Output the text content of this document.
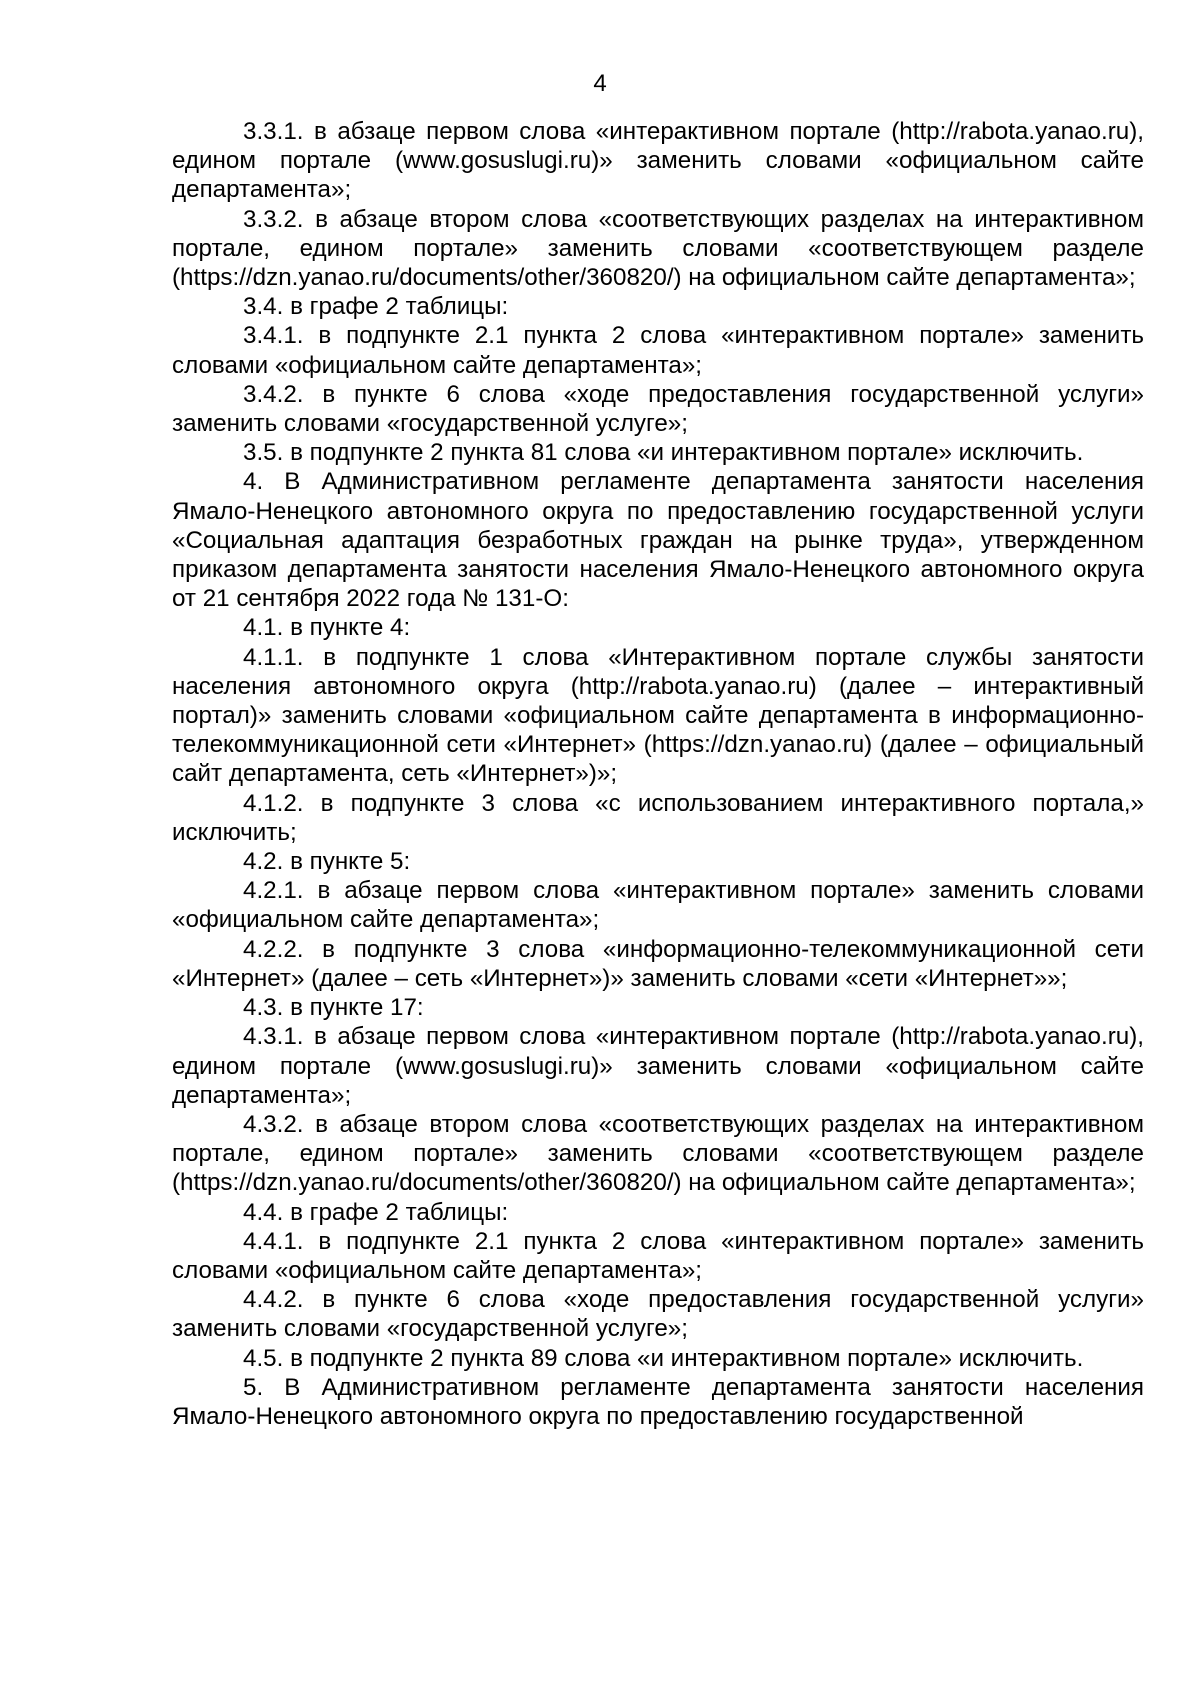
4

3.3.1. в абзаце первом слова «интерактивном портале (http://rabota.yanao.ru), едином портале (www.gosuslugi.ru)» заменить словами «официальном сайте департамента»;

3.3.2. в абзаце втором слова «соответствующих разделах на интерактивном портале, едином портале» заменить словами «соответствующем разделе (https://dzn.yanao.ru/documents/other/360820/) на официальном сайте департамента»;

3.4. в графе 2 таблицы:

3.4.1. в подпункте 2.1 пункта 2 слова «интерактивном портале» заменить словами «официальном сайте департамента»;

3.4.2. в пункте 6 слова «ходе предоставления государственной услуги» заменить словами «государственной услуге»;

3.5. в подпункте 2 пункта 81 слова «и интерактивном портале» исключить.

4. В Административном регламенте департамента занятости населения Ямало-Ненецкого автономного округа по предоставлению государственной услуги «Социальная адаптация безработных граждан на рынке труда», утвержденном приказом департамента занятости населения Ямало-Ненецкого автономного округа от 21 сентября 2022 года № 131-О:

4.1. в пункте 4:

4.1.1. в подпункте 1 слова «Интерактивном портале службы занятости населения автономного округа (http://rabota.yanao.ru) (далее – интерактивный портал)» заменить словами «официальном сайте департамента в информационно-телекоммуникационной сети «Интернет» (https://dzn.yanao.ru) (далее – официальный сайт департамента, сеть «Интернет»)»;

4.1.2. в подпункте 3 слова «с использованием интерактивного портала,» исключить;

4.2. в пункте 5:

4.2.1. в абзаце первом слова «интерактивном портале» заменить словами «официальном сайте департамента»;

4.2.2. в подпункте 3 слова «информационно-телекоммуникационной сети «Интернет» (далее – сеть «Интернет»)» заменить словами «сети «Интернет»»;

4.3. в пункте 17:

4.3.1. в абзаце первом слова «интерактивном портале (http://rabota.yanao.ru), едином портале (www.gosuslugi.ru)» заменить словами «официальном сайте департамента»;

4.3.2. в абзаце втором слова «соответствующих разделах на интерактивном портале, едином портале» заменить словами «соответствующем разделе (https://dzn.yanao.ru/documents/other/360820/) на официальном сайте департамента»;

4.4. в графе 2 таблицы:

4.4.1. в подпункте 2.1 пункта 2 слова «интерактивном портале» заменить словами «официальном сайте департамента»;

4.4.2. в пункте 6 слова «ходе предоставления государственной услуги» заменить словами «государственной услуге»;

4.5. в подпункте 2 пункта 89 слова «и интерактивном портале» исключить.

5. В Административном регламенте департамента занятости населения Ямало-Ненецкого автономного округа по предоставлению государственной
